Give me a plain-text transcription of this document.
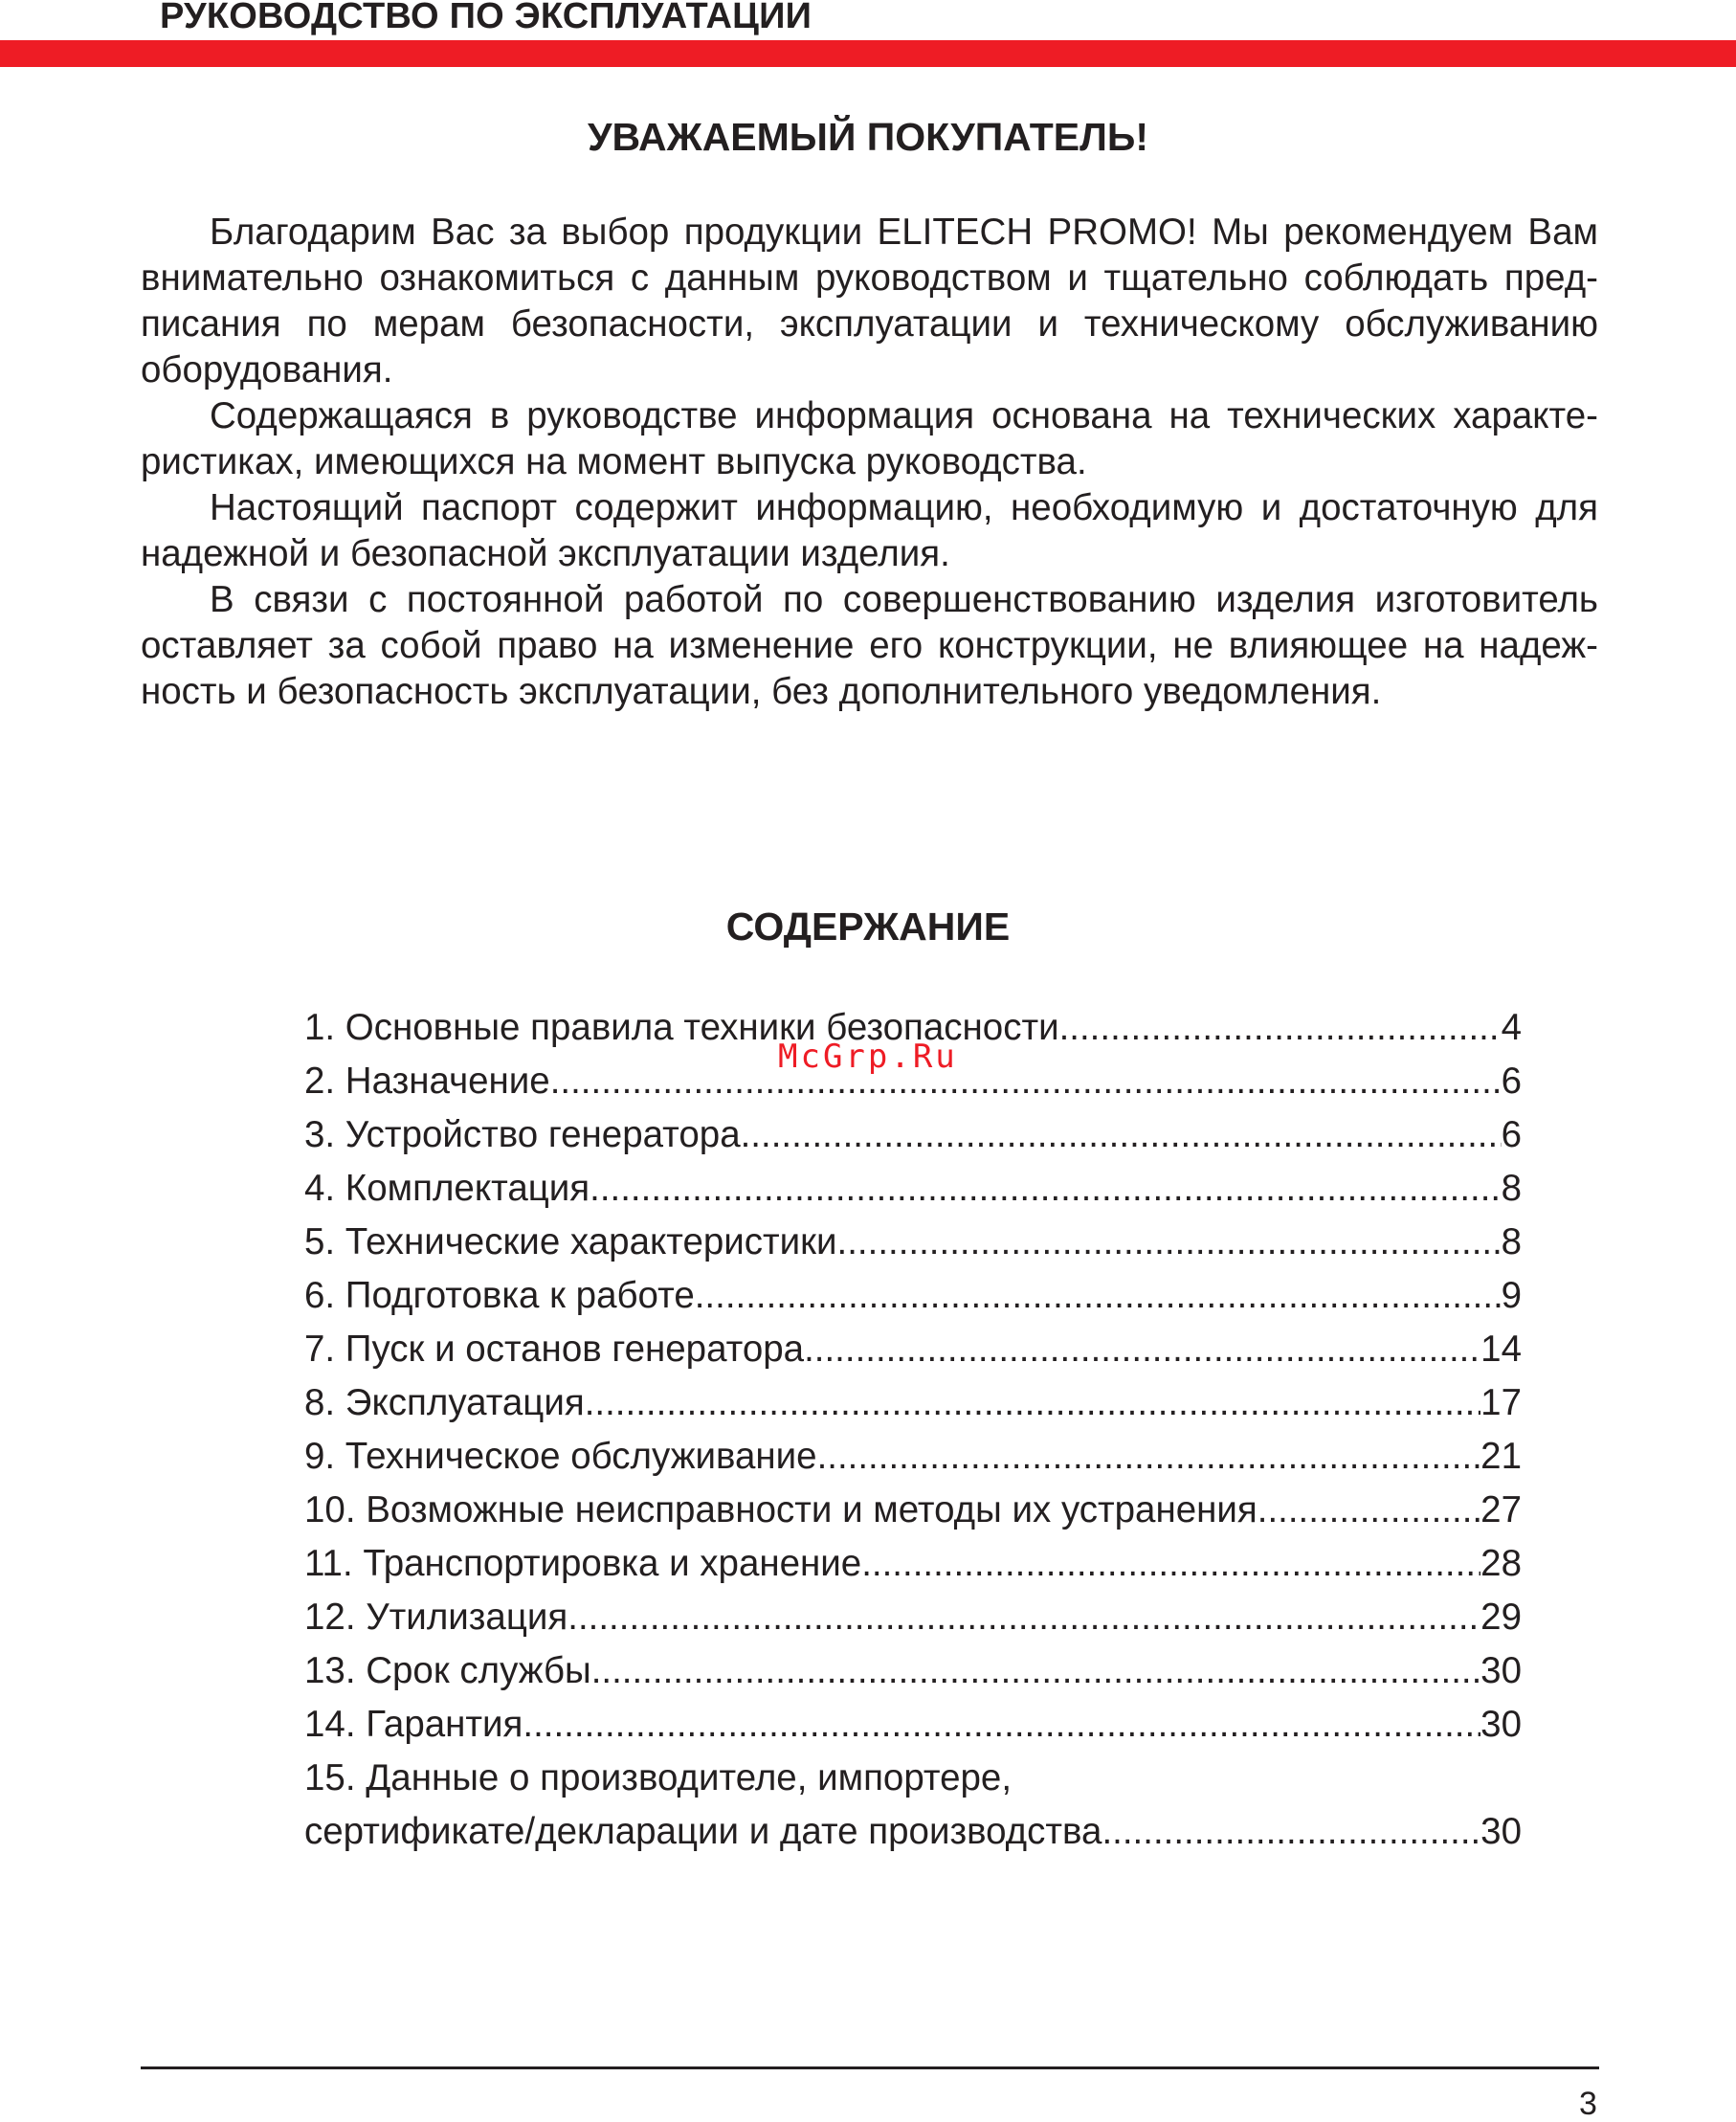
РУКОВОДСТВО ПО ЭКСПЛУАТАЦИИ
УВАЖАЕМЫЙ ПОКУПАТЕЛЬ!

Благодарим Вас за выбор продукции ELITECH PROMO! Мы рекомендуем Вам внимательно ознакомиться с данным руководством и тщательно соблюдать предписания по мерам безопасности, эксплуатации и техническому обслуживанию оборудования.

Содержащаяся в руководстве информация основана на технических характеристиках, имеющихся на момент выпуска руководства.

Настоящий паспорт содержит информацию, необходимую и достаточную для надежной и безопасной эксплуатации изделия.

В связи с постоянной работой по совершенствованию изделия изготовитель оставляет за собой право на изменение его конструкции, не влияющее на надежность и безопасность эксплуатации, без дополнительного уведомления.

СОДЕРЖАНИЕ
1. Основные правила техники безопасности .....	4
2. Назначение .....	6
3. Устройство генератора .....	6
4. Комплектация .....	8
5. Технические характеристики .....	8
6. Подготовка к работе .....	9
7. Пуск и останов генератора .....	14
8. Эксплуатация .....	17
9. Техническое обслуживание .....	21
10. Возможные неисправности и методы их устранения .....	27
11. Транспортировка и хранение .....	28
12. Утилизация .....	29
13. Срок службы .....	30
14. Гарантия .....	30
15. Данные о производителе, импортере,
сертификате/декларации и дате производства .....	30
McGrp.Ru
3
